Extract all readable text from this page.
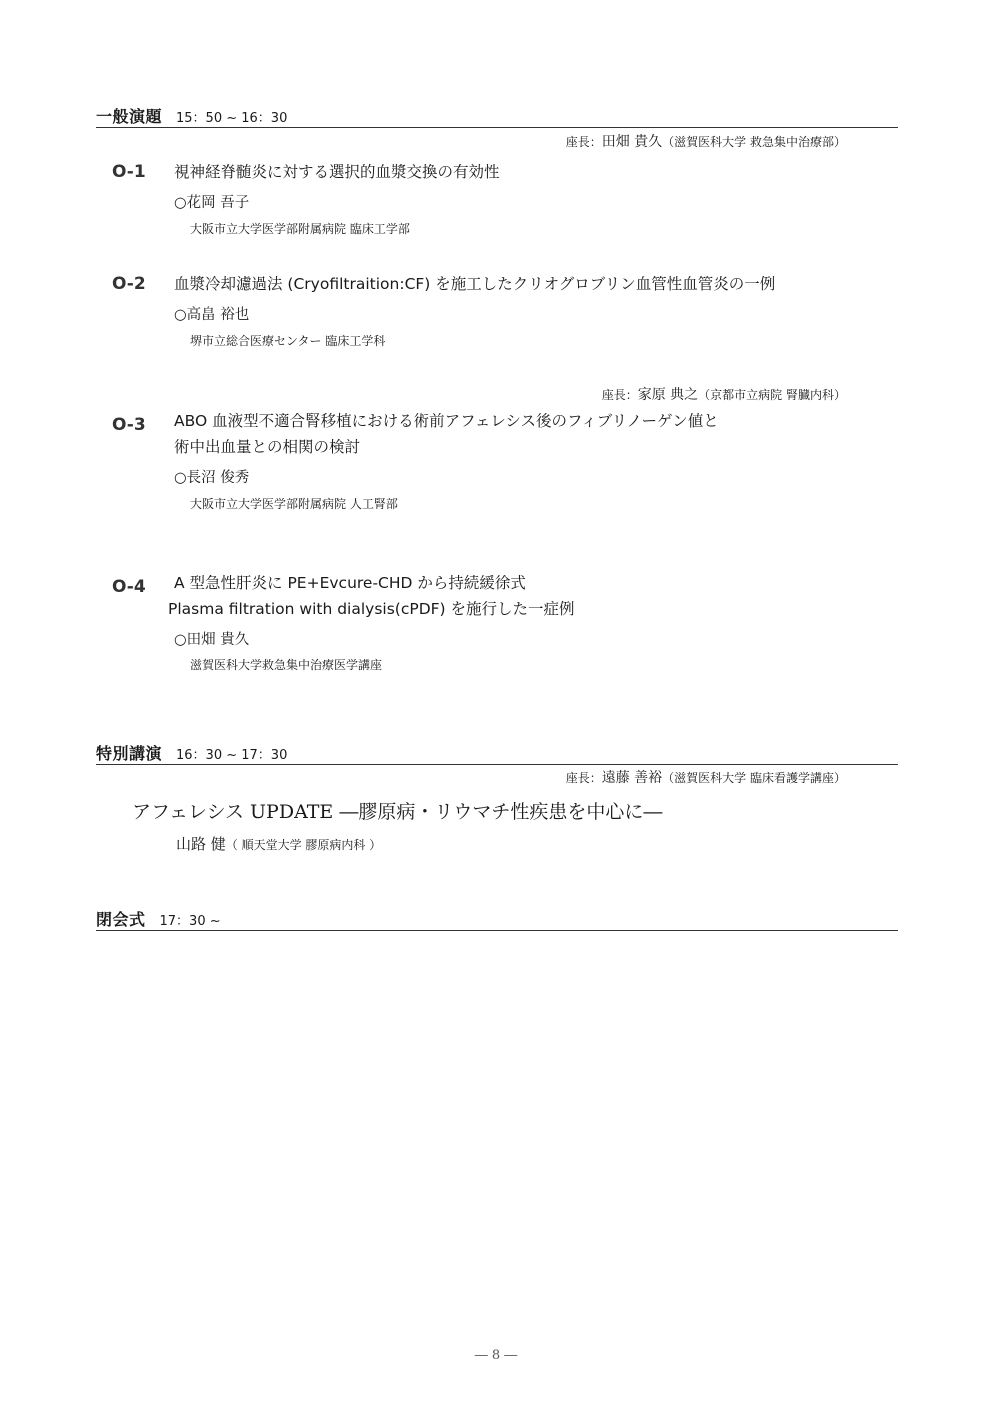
一般演題 15：50 ~ 16：30
座長：田畑 貴久（滋賀医科大学 救急集中治療部）
O-1 視神経脊髄炎に対する選択的血漿交換の有効性
○花岡 吾子
大阪市立大学医学部附属病院 臨床工学部
O-2 血漿冷却濾過法 (Cryofiltraition:CF) を施工したクリオグロブリン血管性血管炎の一例
○高畠 裕也
堺市立総合医療センター 臨床工学科
座長：家原 典之（京都市立病院 腎臓内科）
O-3 ABO 血液型不適合腎移植における術前アフェレシス後のフィブリノーゲン値と
術中出血量との相関の検討
○長沼 俊秀
大阪市立大学医学部附属病院 人工腎部
O-4 A 型急性肝炎に PE+Evcure-CHD から持続緩徐式
Plasma filtration with dialysis(cPDF) を施行した一症例
○田畑 貴久
滋賀医科大学救急集中治療医学講座
特別講演 16：30 ~ 17：30
座長：遠藤 善裕（滋賀医科大学 臨床看護学講座）
アフェレシス UPDATE ―膠原病・リウマチ性疾患を中心に―
山路 健（ 順天堂大学 膠原病内科 ）
閉会式 17：30 ~
― 8 ―
